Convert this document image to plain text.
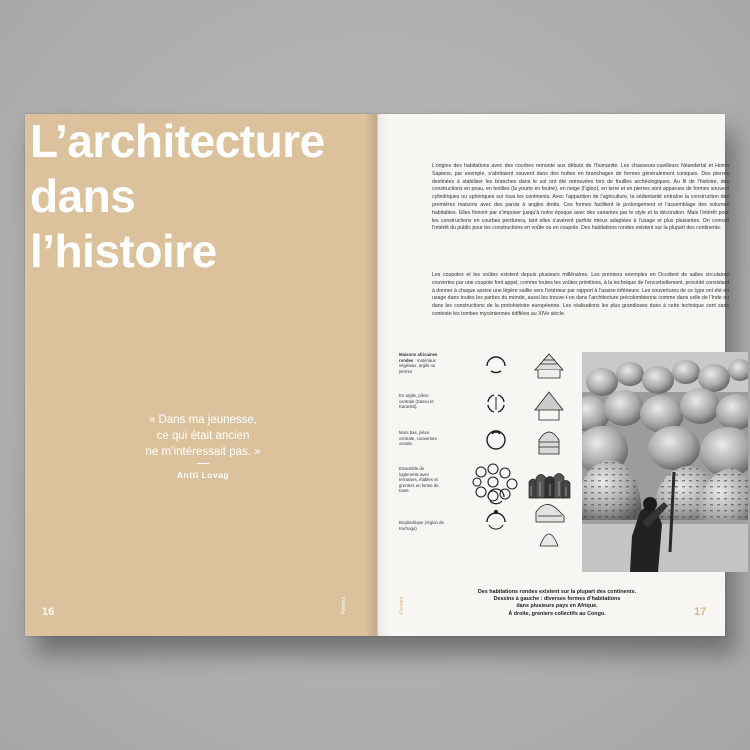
L’architecture
dans
l’histoire
« Dans ma jeunesse,
ce qui était ancien
ne m’intéressait pas. »
Antti Lovag
16	Formes
L’origine des habitations avec des courbes remonte aux débuts de l’humanité. Les chasseurs-cueilleurs Néandertal et Homo Sapiens, par exemple, s’abritaient souvent dans des huttes en branchages de formes généralement coniques. Des pierres destinées à stabiliser les branches dans le sol ont été retrouvées lors de fouilles archéologiques. Au fil de l’histoire, des constructions en peau, en textiles (la yourte en feutre), en neige (l’igloo), en terre et en pierres sont apparues de formes souvent cylindriques ou sphériques sur tous les continents. Avec l’apparition de l’agriculture, la sédentarité entraîne la construction des premières maisons avec des parois à angles droits. Ces formes facilitent le prolongement et l’assemblage des volumes habitables. Elles finiront par s’imposer jusqu’à notre époque avec des variantes par le style et la décoration. Mais l’intérêt pour les constructions en courbes perdurera, tant elles s’avèrent parfois mieux adaptées à l’usage et plus plaisantes. On connaît l’intérêt du public pour les constructions en voûte ou en coupole. Des habitations rondes existent sur la plupart des continents.
Les coupoles et les voûtes existent depuis plusieurs millénaires. Les premiers exemples en Occident de salles circulaires couvertes par une coupole font appel, comme toutes les voûtes primitives, à la technique de l’encorbellement, procédé consistant à donner à chaque assise une légère saillie vers l’intérieur par rapport à l’assise inférieure. Les couvertures de ce type ont été en usage dans toutes les parties du monde, aussi les trouve-t-on dans l’architecture précolombienne comme dans celle de l’Inde ou dans les constructions de la protohistoire européenne. Les réalisations les plus grandioses dues à cette technique sont sans conteste les tombes mycéniennes édifiées au XIVe siècle.
Maisons africaines rondes : matériaux végétaux, argile ou pierres
En argile, pièce centrale (Sassu et Karankü).
Murs bas, pièce centrale, couverture ovoïde.
Ensemble de logements avec terrasses, étables et greniers en forme de tours.
Bicylindrique (région de Korhogo)
Des habitations rondes existent sur la plupart des continents.
Dessins à gauche : diverses formes d’habitations
dans plusieurs pays en Afrique.
À droite, greniers collectifs au Congo.
Formes	17
